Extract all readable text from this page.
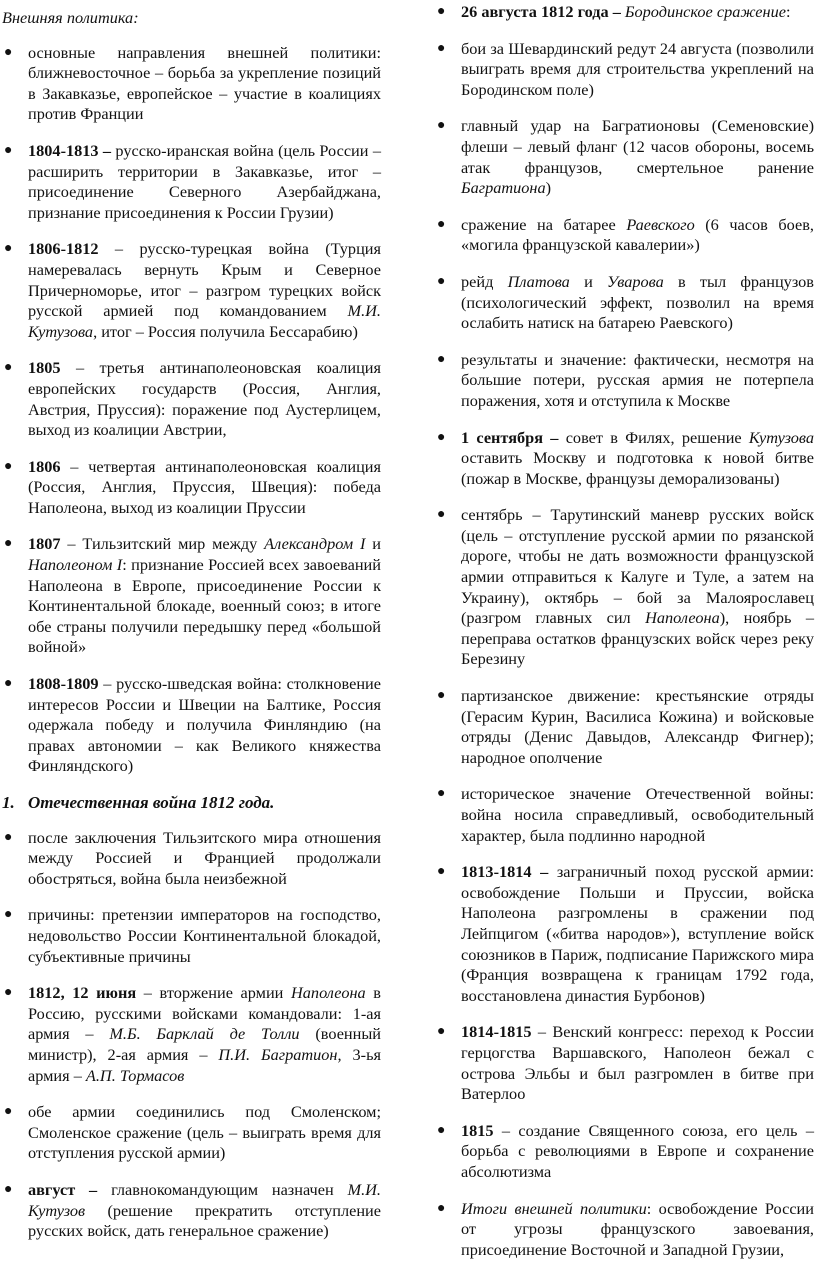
Внешняя политика:
● основные направления внешней политики: ближневосточное – борьба за укрепление позиций в Закавказье, европейское – участие в коалициях против Франции
● 1804-1813 – русско-иранская война (цель России – расширить территории в Закавказье, итог – присоединение Северного Азербайджана, признание присоединения к России Грузии)
● 1806-1812 – русско-турецкая война (Турция намеревалась вернуть Крым и Северное Причерноморье, итог – разгром турецких войск русской армией под командованием М.И. Кутузова, итог – Россия получила Бессарабию)
● 1805 – третья антинаполеоновская коалиция европейских государств (Россия, Англия, Австрия, Пруссия): поражение под Аустерлицем, выход из коалиции Австрии,
● 1806 – четвертая антинаполеоновская коалиция (Россия, Англия, Пруссия, Швеция): победа Наполеона, выход из коалиции Пруссии
● 1807 – Тильзитский мир между Александром I и Наполеоном I: признание Россией всех завоеваний Наполеона в Европе, присоединение России к Континентальной блокаде, военный союз; в итоге обе страны получили передышку перед «большой войной»
● 1808-1809 – русско-шведская война: столкновение интересов России и Швеции на Балтике, Россия одержала победу и получила Финляндию (на правах автономии – как Великого княжества Финляндского)
1. Отечественная война 1812 года.
● после заключения Тильзитского мира отношения между Россией и Францией продолжали обостряться, война была неизбежной
● причины: претензии императоров на господство, недовольство России Континентальной блокадой, субъективные причины
● 1812, 12 июня – вторжение армии Наполеона в Россию, русскими войсками командовали: 1-ая армия – М.Б. Барклай де Толли (военный министр), 2-ая армия – П.И. Багратион, 3-ья армия – А.П. Тормасов
● обе армии соединились под Смоленском; Смоленское сражение (цель – выиграть время для отступления русской армии)
● август – главнокомандующим назначен М.И. Кутузов (решение прекратить отступление русских войск, дать генеральное сражение)
● 26 августа 1812 года – Бородинское сражение:
● бои за Шевардинский редут 24 августа (позволили выиграть время для строительства укреплений на Бородинском поле)
● главный удар на Багратионовы (Семеновские) флеши – левый фланг (12 часов обороны, восемь атак французов, смертельное ранение Багратиона)
● сражение на батарее Раевского (6 часов боев, «могила французской кавалерии»)
● рейд Платова и Уварова в тыл французов (психологический эффект, позволил на время ослабить натиск на батарею Раевского)
● результаты и значение: фактически, несмотря на большие потери, русская армия не потерпела поражения, хотя и отступила к Москве
● 1 сентября – совет в Филях, решение Кутузова оставить Москву и подготовка к новой битве (пожар в Москве, французы деморализованы)
● сентябрь – Тарутинский маневр русских войск (цель – отступление русской армии по рязанской дороге, чтобы не дать возможности французской армии отправиться к Калуге и Туле, а затем на Украину), октябрь – бой за Малоярославец (разгром главных сил Наполеона), ноябрь – переправа остатков французских войск через реку Березину
● партизанское движение: крестьянские отряды (Герасим Курин, Василиса Кожина) и войсковые отряды (Денис Давыдов, Александр Фигнер); народное ополчение
● историческое значение Отечественной войны: война носила справедливый, освободительный характер, была подлинно народной
● 1813-1814 – заграничный поход русской армии: освобождение Польши и Пруссии, войска Наполеона разгромлены в сражении под Лейпцигом («битва народов»), вступление войск союзников в Париж, подписание Парижского мира (Франция возвращена к границам 1792 года, восстановлена династия Бурбонов)
● 1814-1815 – Венский конгресс: переход к России герцогства Варшавского, Наполеон бежал с острова Эльбы и был разгромлен в битве при Ватерлоо
● 1815 – создание Священного союза, его цель – борьба с революциями в Европе и сохранение абсолютизма
● Итоги внешней политики: освобождение России от угрозы французского завоевания, присоединение Восточной и Западной Грузии,
